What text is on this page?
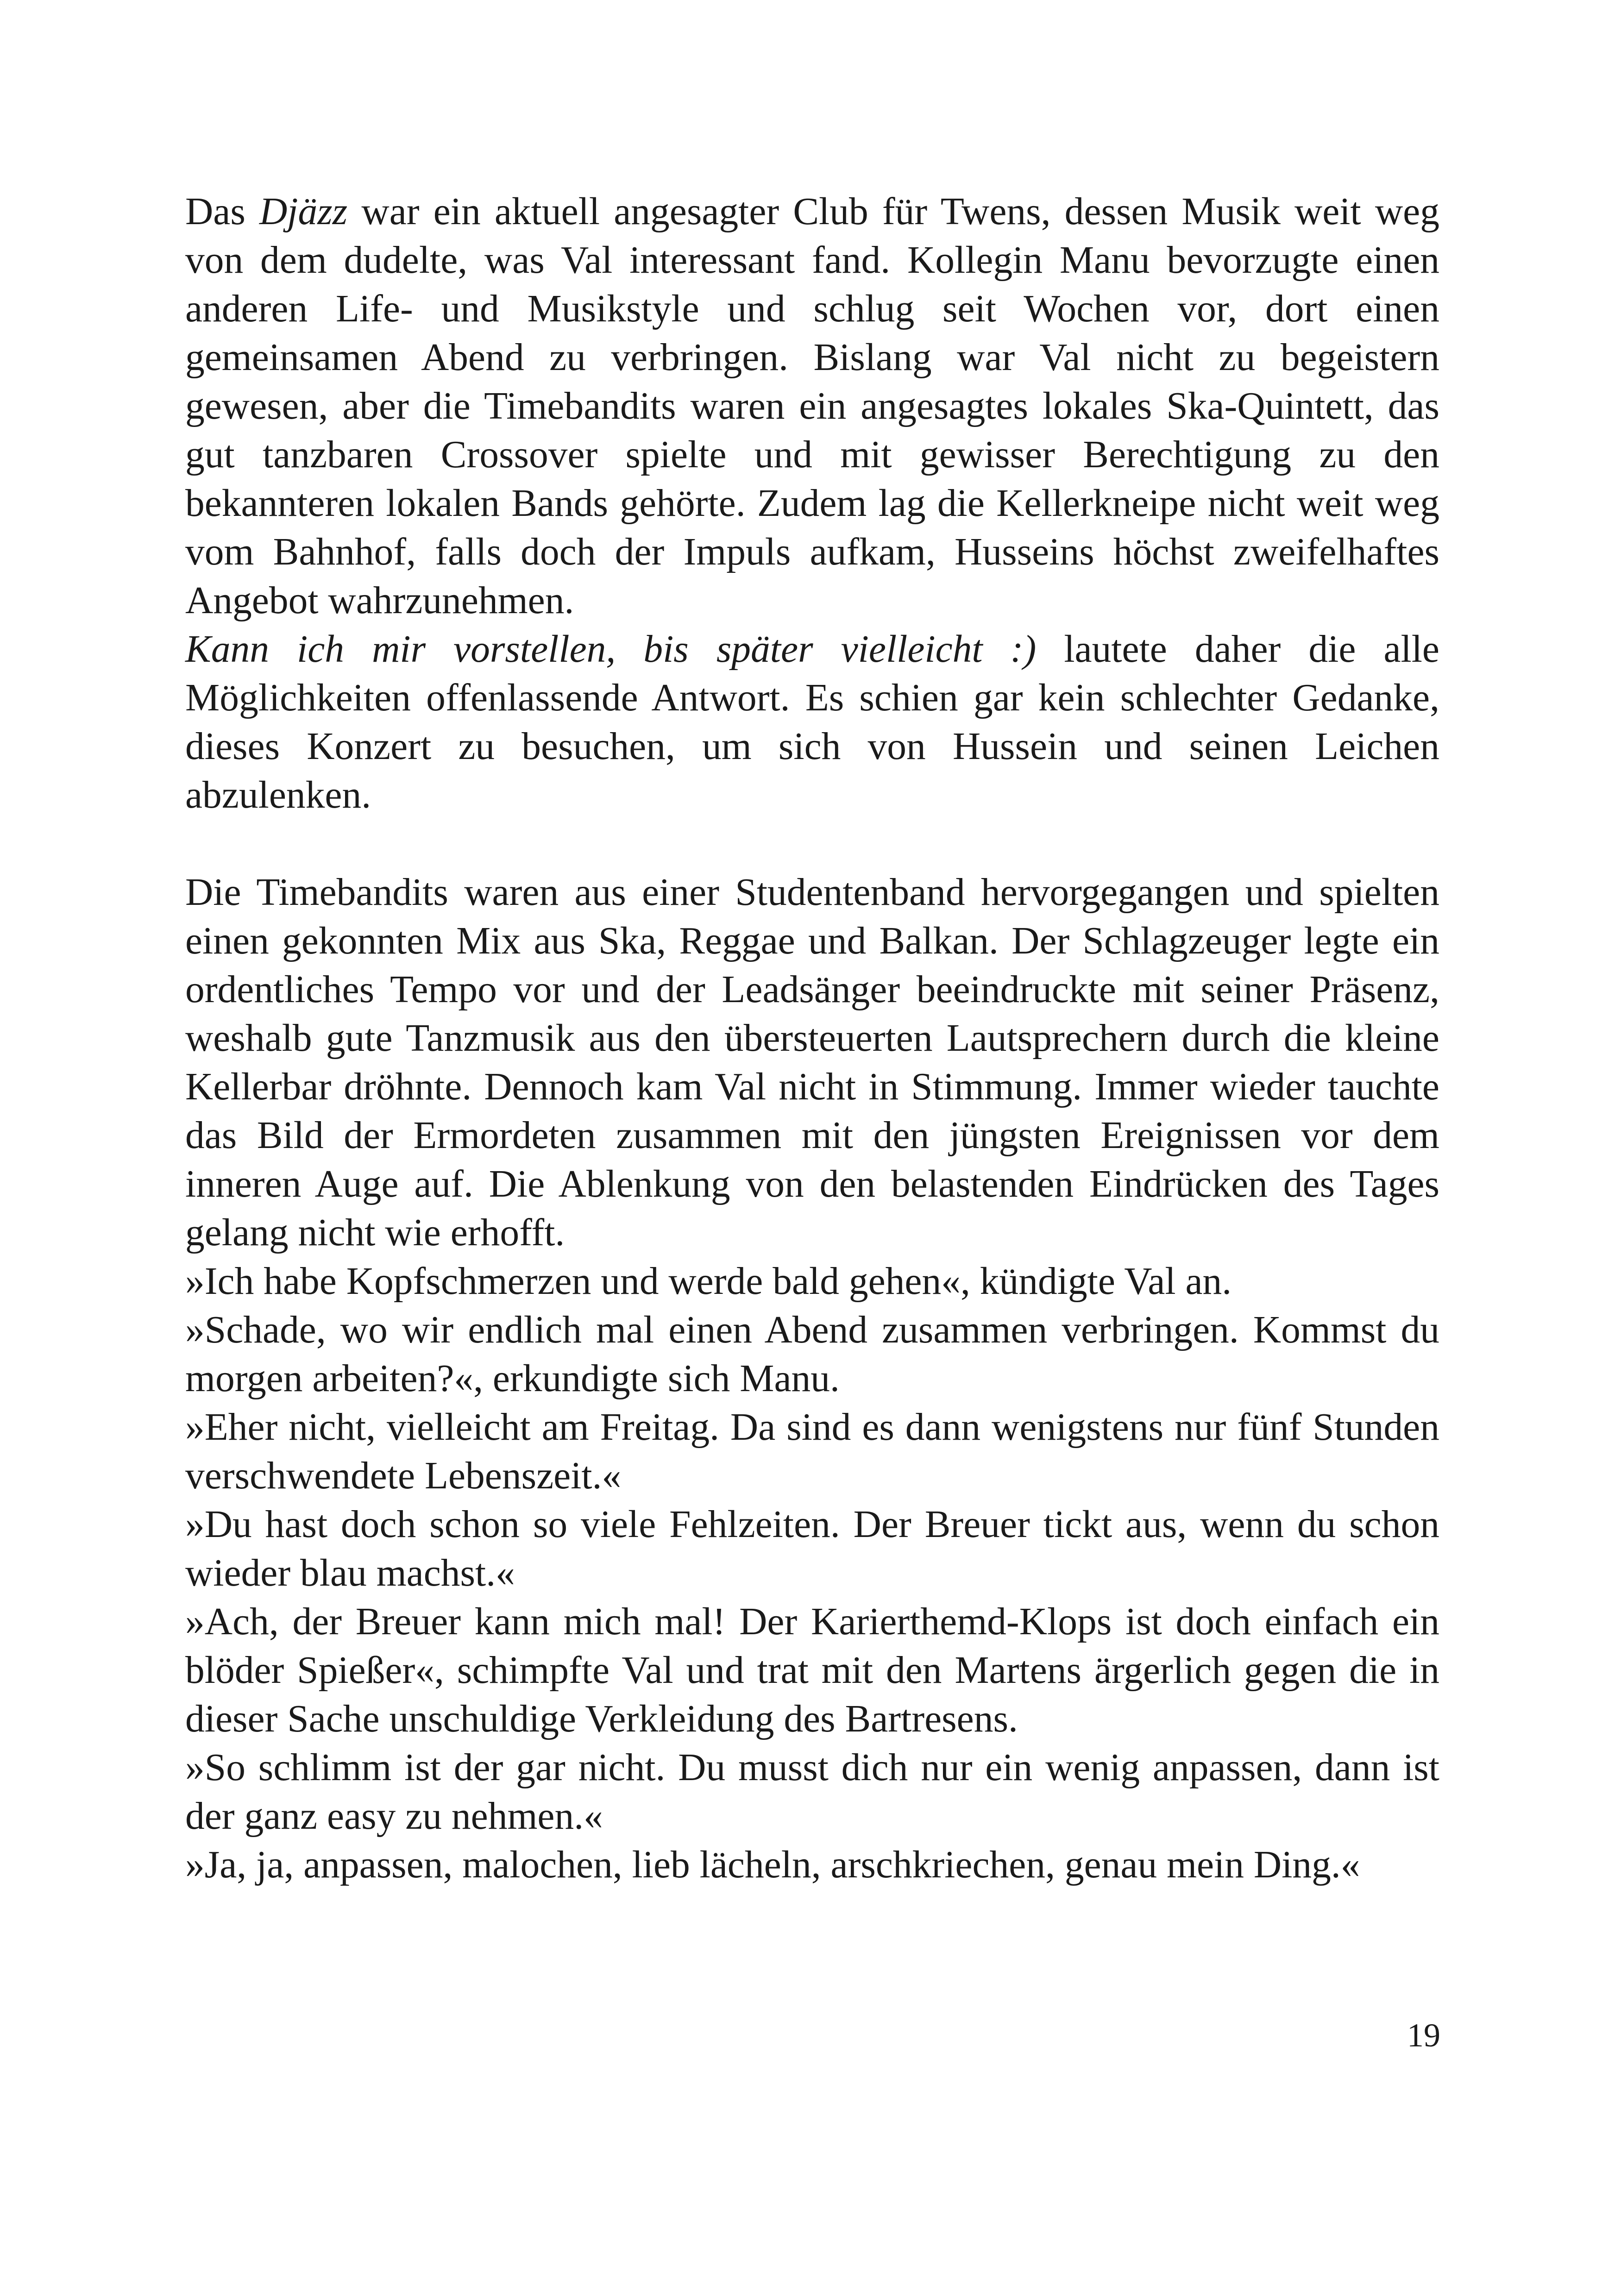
Das Djäzz war ein aktuell angesagter Club für Twens, dessen Musik weit weg von dem dudelte, was Val interessant fand. Kollegin Manu bevorzugte einen anderen Life- und Musikstyle und schlug seit Wochen vor, dort einen gemeinsamen Abend zu verbringen. Bislang war Val nicht zu begeistern gewesen, aber die Timebandits waren ein angesagtes lokales Ska-Quintett, das gut tanzbaren Crossover spielte und mit gewisser Berechtigung zu den bekannteren lokalen Bands gehörte. Zudem lag die Kellerkneipe nicht weit weg vom Bahnhof, falls doch der Impuls aufkam, Husseins höchst zweifelhaftes Angebot wahrzunehmen.

Kann ich mir vorstellen, bis später vielleicht :) lautete daher die alle Möglichkeiten offenlassende Antwort. Es schien gar kein schlechter Gedanke, dieses Konzert zu besuchen, um sich von Hussein und seinen Leichen abzulenken.

Die Timebandits waren aus einer Studentenband hervorgegangen und spielten einen gekonnten Mix aus Ska, Reggae und Balkan. Der Schlagzeuger legte ein ordentliches Tempo vor und der Leadsänger beeindruckte mit seiner Präsenz, weshalb gute Tanzmusik aus den übersteuerten Lautsprechern durch die kleine Kellerbar dröhnte. Dennoch kam Val nicht in Stimmung. Immer wieder tauchte das Bild der Ermordeten zusammen mit den jüngsten Ereignissen vor dem inneren Auge auf. Die Ablenkung von den belastenden Eindrücken des Tages gelang nicht wie erhofft.

»Ich habe Kopfschmerzen und werde bald gehen«, kündigte Val an.

»Schade, wo wir endlich mal einen Abend zusammen verbringen. Kommst du morgen arbeiten?«, erkundigte sich Manu.

»Eher nicht, vielleicht am Freitag. Da sind es dann wenigstens nur fünf Stunden verschwendete Lebenszeit.«

»Du hast doch schon so viele Fehlzeiten. Der Breuer tickt aus, wenn du schon wieder blau machst.«

»Ach, der Breuer kann mich mal! Der Karierthemd-Klops ist doch einfach ein blöder Spießer«, schimpfte Val und trat mit den Martens ärgerlich gegen die in dieser Sache unschuldige Verkleidung des Bartresens.

»So schlimm ist der gar nicht. Du musst dich nur ein wenig anpassen, dann ist der ganz easy zu nehmen.«

»Ja, ja, anpassen, malochen, lieb lächeln, arschkriechen, genau mein Ding.«

19
